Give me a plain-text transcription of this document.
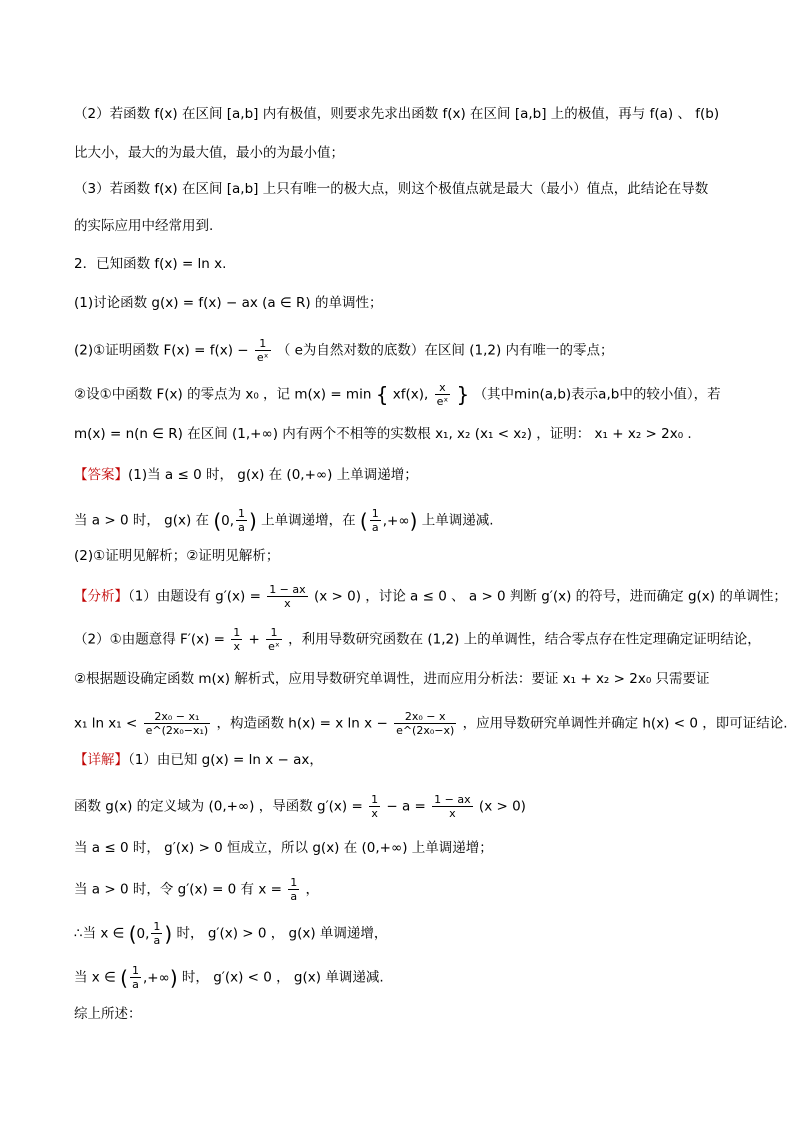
（2）若函数 f(x) 在区间 [a,b] 内有极值，则要求先求出函数 f(x) 在区间 [a,b] 上的极值，再与 f(a) 、 f(b)
比大小，最大的为最大值，最小的为最小值；
（3）若函数 f(x) 在区间 [a,b] 上只有唯一的极大点，则这个极值点就是最大（最小）值点，此结论在导数
的实际应用中经常用到.
2．已知函数 f(x) = ln x.
(1)讨论函数 g(x) = f(x) − ax (a ∈ R) 的单调性；
(2)①证明函数 $F(x) = f(x) - \frac{1}{\text{eˣ}}$ （ e为自然对数的底数）在区间 (1,2) 内有唯一的零点；
②设①中函数 F(x) 的零点为 x₀ ，记 m(x) = min { xf(x), $\frac{x}{\text{eˣ}}$ } （其中min(a,b)表示a,b中的较小值），若
m(x) = n(n ∈ R) 在区间 (1,+∞) 内有两个不相等的实数根 x₁, x₂ (x₁ < x₂) ，证明： x₁ + x₂ > 2x₀ .
【答案】(1)当 a ≤ 0 时， g(x) 在 (0,+∞) 上单调递增；
当 a > 0 时， g(x) 在 (0, $\frac{1}{a}$ ) 上单调递增，在 ( $\frac{1}{a}$ ,+∞) 上单调递减.
(2)①证明见解析；②证明见解析；
【分析】（1）由题设有 $g'(x) = \frac{1 - ax}{x} (x > 0)$ ，讨论 a ≤ 0 、 a > 0 判断 g′(x) 的符号，进而确定 g(x) 的单调性；
（2）①由题意得 $F'(x) = \frac{1}{x} + \frac{1}{\text{eˣ}}$ ，利用导数研究函数在 (1,2) 上的单调性，结合零点存在性定理确定证明结论，
②根据题设确定函数 m(x) 解析式，应用导数研究单调性，进而应用分析法：要证 x₁ + x₂ > 2x₀ 只需要证
x₁ $\ln x_1 < \frac{\text{2x₀ − x₁}}{\text{e\textasciicircum{}(2x₀−x₁)}}$ ，构造函数 h(x) = x $\ln x - \frac{\text{2x₀ − x}}{\text{e\textasciicircum{}(2x₀−x)}}$ ，应用导数研究单调性并确定 h(x) < 0 ，即可证结论.
【详解】（1）由已知 g(x) = ln x − ax，
函数 g(x) 的定义域为 (0,+∞) ，导函数 $g'(x) = \frac{1}{x} - a = \frac{1 - ax}{x} (x > 0)$
当 a ≤ 0 时， g′(x) > 0 恒成立，所以 g(x) 在 (0,+∞) 上单调递增；
当 a > 0 时，令 g′(x) = 0 有 $x = \frac{1}{a}$ ，
∴当 x ∈ (0, $\frac{1}{a}$ ) 时， g′(x) > 0 ， g(x) 单调递增，
当 x ∈ ( $\frac{1}{a}$ ,+∞) 时， g′(x) < 0 ， g(x) 单调递减.
综上所述：
